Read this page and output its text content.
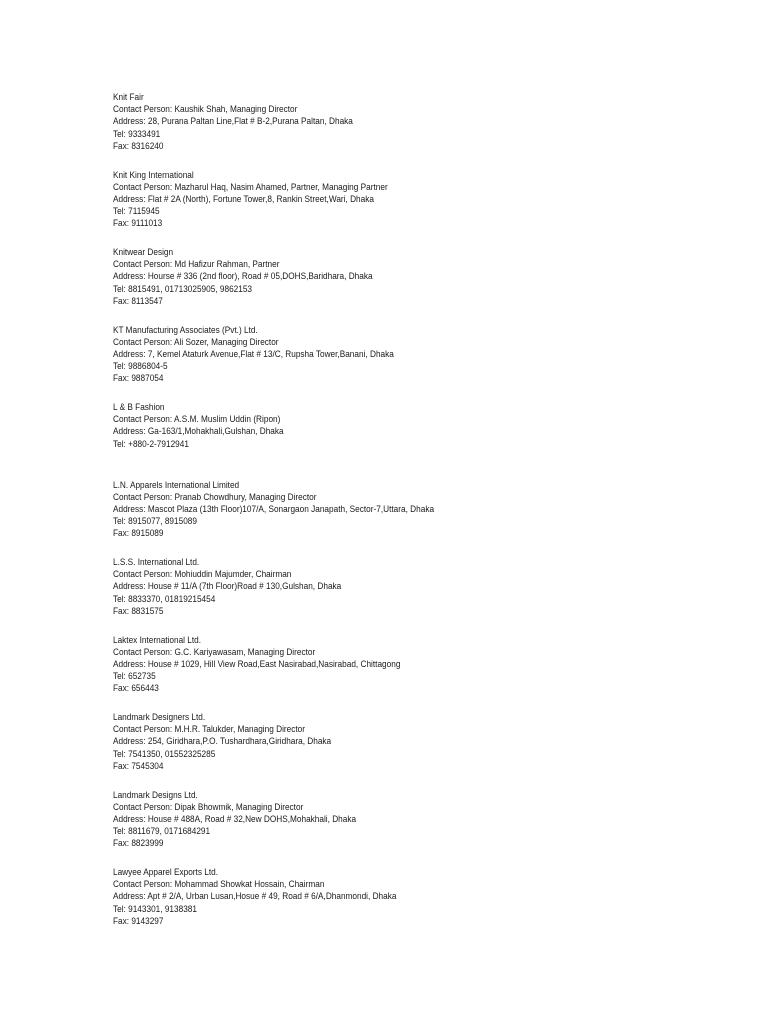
Knit Fair
Contact Person: Kaushik Shah, Managing Director
Address: 28, Purana Paltan Line,Flat # B-2,Purana Paltan, Dhaka
Tel: 9333491
Fax: 8316240
Knit King International
Contact Person: Mazharul Haq, Nasim Ahamed, Partner, Managing Partner
Address: Flat # 2A (North), Fortune Tower,8, Rankin Street,Wari, Dhaka
Tel: 7115945
Fax: 9111013
Knitwear Design
Contact Person: Md Hafizur Rahman, Partner
Address: Hourse # 336 (2nd floor), Road # 05,DOHS,Baridhara, Dhaka
Tel: 8815491, 01713025905, 9862153
Fax: 8113547
KT Manufacturing Associates (Pvt.) Ltd.
Contact Person: Ali Sozer, Managing Director
Address: 7, Kemel Ataturk Avenue,Flat # 13/C, Rupsha Tower,Banani, Dhaka
Tel: 9886804-5
Fax: 9887054
L & B Fashion
Contact Person: A.S.M. Muslim Uddin (Ripon)
Address: Ga-163/1,Mohakhali,Gulshan, Dhaka
Tel: +880-2-7912941
L.N. Apparels International Limited
Contact Person: Pranab Chowdhury, Managing Director
Address: Mascot Plaza (13th Floor)107/A, Sonargaon Janapath, Sector-7,Uttara, Dhaka
Tel: 8915077, 8915089
Fax: 8915089
L.S.S. International Ltd.
Contact Person: Mohiuddin Majumder, Chairman
Address: House # 11/A (7th Floor)Road # 130,Gulshan, Dhaka
Tel: 8833370, 01819215454
Fax: 8831575
Laktex International Ltd.
Contact Person: G.C. Kariyawasam, Managing Director
Address: House # 1029, Hill View Road,East Nasirabad,Nasirabad, Chittagong
Tel: 652735
Fax: 656443
Landmark Designers Ltd.
Contact Person: M.H.R. Talukder, Managing Director
Address: 254, Giridhara,P.O. Tushardhara,Giridhara, Dhaka
Tel: 7541350, 01552325285
Fax: 7545304
Landmark Designs Ltd.
Contact Person: Dipak Bhowmik, Managing Director
Address: House # 488A, Road # 32,New DOHS,Mohakhali, Dhaka
Tel: 8811679, 0171684291
Fax: 8823999
Lawyee Apparel Exports Ltd.
Contact Person: Mohammad Showkat Hossain, Chairman
Address: Apt # 2/A, Urban Lusan,Hosue # 49, Road # 6/A,Dhanmondi, Dhaka
Tel: 9143301, 9138381
Fax: 9143297
